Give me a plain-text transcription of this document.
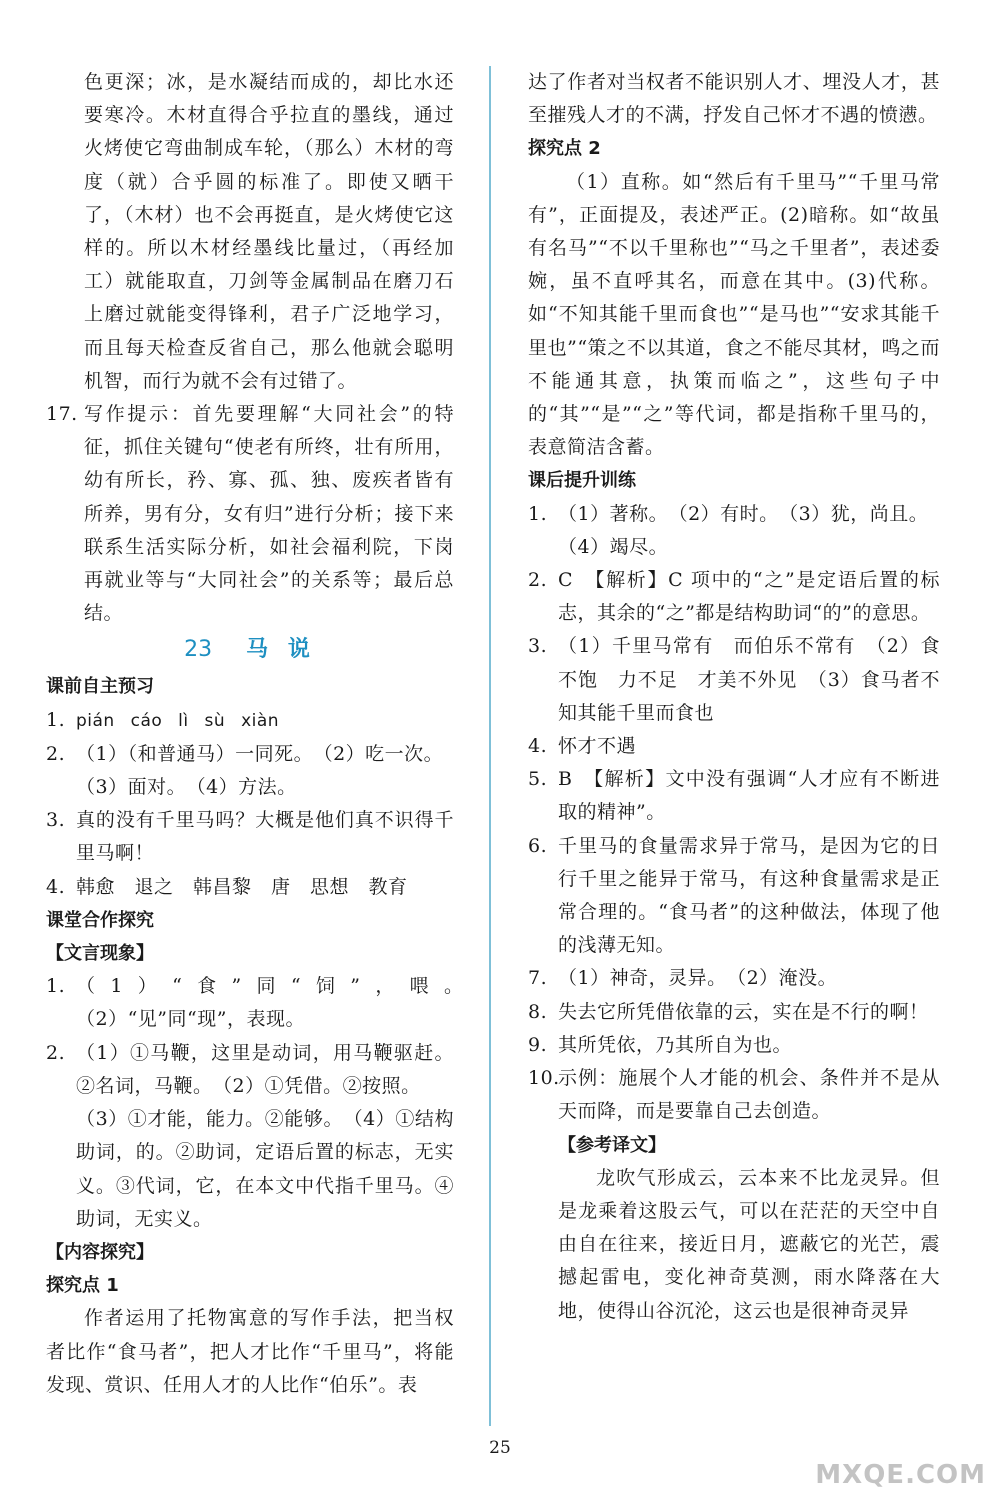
色更深；冰，是水凝结而成的，却比水还要寒冷。木材直得合乎拉直的墨线，通过火烤使它弯曲制成车轮，（那么）木材的弯度（就）合乎圆的标准了。即使又晒干了，（木材）也不会再挺直，是火烤使它这样的。所以木材经墨线比量过，（再经加工）就能取直，刀剑等金属制品在磨刀石上磨过就能变得锋利，君子广泛地学习，而且每天检查反省自己，那么他就会聪明机智，而行为就不会有过错了。

17. 写作提示：首先要理解“大同社会”的特征，抓住关键句“使老有所终，壮有所用，幼有所长，矜、寡、孤、独、废疾者皆有所养，男有分，女有归”进行分析；接下来联系生活实际分析，如社会福利院，下岗再就业等与“大同社会”的关系等；最后总结。

23 马 说

课前自主预习

1. pián cáo lì sù xiàn

2. （1）（和普通马）一同死。　（2）吃一次。

（3）面对。　（4）方法。

3. 真的没有千里马吗？大概是他们真不识得千里马啊！

4. 韩愈　退之　韩昌黎　唐　思想　教育

课堂合作探究

【文言现象】

1. （1）“食”同“饲”，喂。　（2）“见”同“现”，表现。

2. （1）①马鞭，这里是动词，用马鞭驱赶。②名词，马鞭。　（2）①凭借。②按照。

（3）①才能，能力。②能够。　（4）①结构助词，的。②助词，定语后置的标志，无实义。③代词，它，在本文中代指千里马。④助词，无实义。

【内容探究】

探究点 1

作者运用了托物寓意的写作手法，把当权者比作“食马者”，把人才比作“千里马”，将能发现、赏识、任用人才的人比作“伯乐”。表

达了作者对当权者不能识别人才、埋没人才，甚至摧残人才的不满，抒发自己怀才不遇的愤懑。

探究点 2

（1）直称。如“然后有千里马”“千里马常有”，正面提及，表述严正。(2)暗称。如“故虽有名马”“不以千里称也”“马之千里者”，表述委婉，虽不直呼其名，而意在其中。(3)代称。如“不知其能千里而食也”“是马也”“安求其能千里也”“策之不以其道，食之不能尽其材，鸣之而不能通其意，执策而临之”，这些句子中的“其”“是”“之”等代词，都是指称千里马的，表意简洁含蓄。

课后提升训练

1. （1）著称。　（2）有时。　（3）犹，尚且。

（4）竭尽。

2. C　【解析】C 项中的“之”是定语后置的标志，其余的“之”都是结构助词“的”的意思。

3. （1）千里马常有　而伯乐不常有　（2）食不饱　力不足　才美不外见　（3）食马者不知其能千里而食也

4. 怀才不遇

5. B　【解析】文中没有强调“人才应有不断进取的精神”。

6. 千里马的食量需求异于常马，是因为它的日行千里之能异于常马，有这种食量需求是正常合理的。“食马者”的这种做法，体现了他的浅薄无知。

7. （1）神奇，灵异。　（2）淹没。

8. 失去它所凭借依靠的云，实在是不行的啊！

9. 其所凭依，乃其所自为也。

10.
示例：施展个人才能的机会、条件并不是从天而降，而是要靠自己去创造。

【参考译文】

龙吹气形成云，云本来不比龙灵异。但是龙乘着这股云气，可以在茫茫的天空中自由自在往来，接近日月，遮蔽它的光芒，震撼起雷电，变化神奇莫测，雨水降落在大地，使得山谷沉沦，这云也是很神奇灵异

25
MXQE.COM
